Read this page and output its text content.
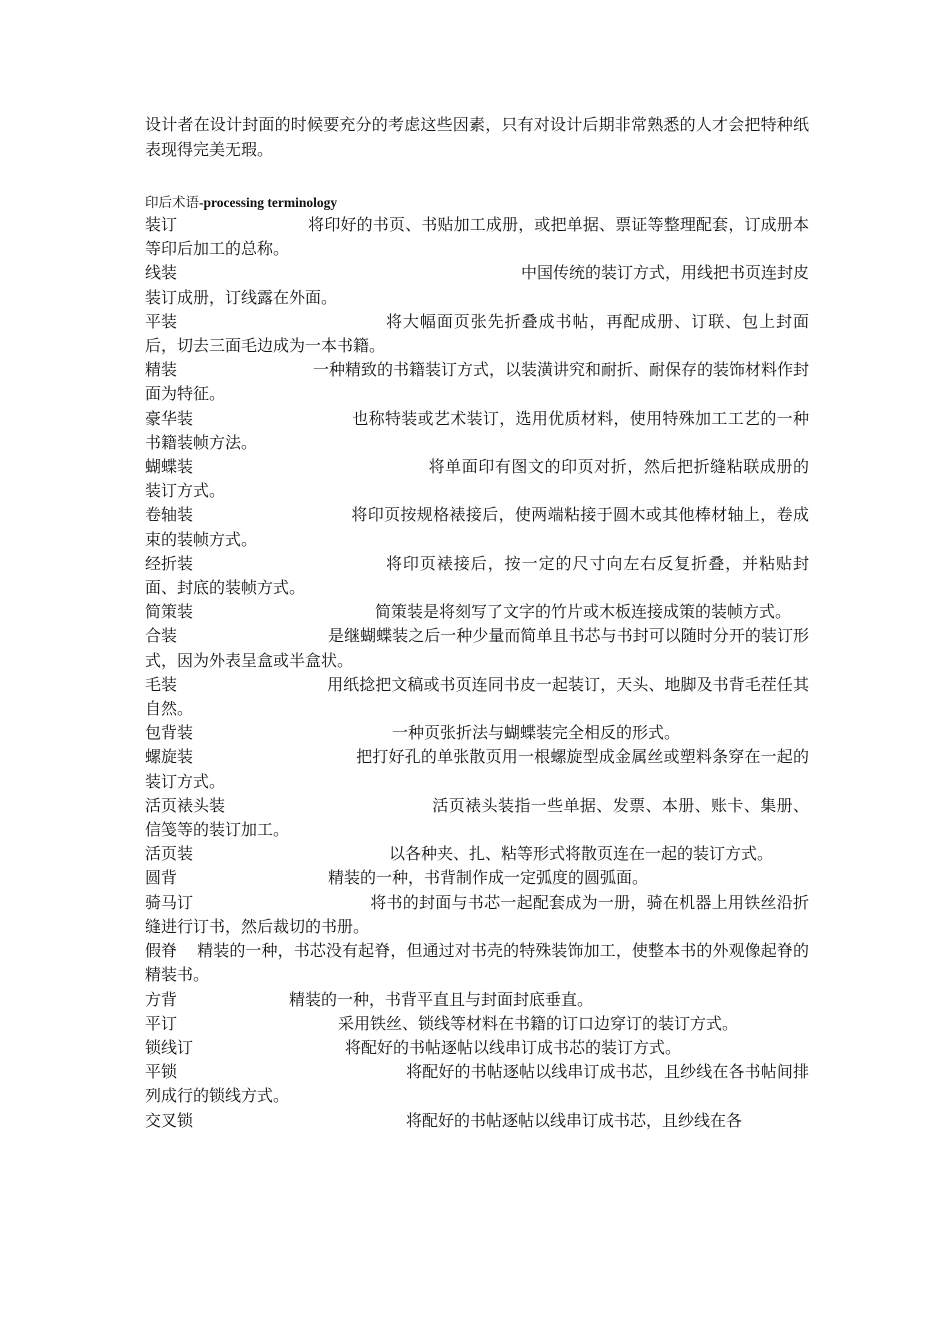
设计者在设计封面的时候要充分的考虑这些因素，只有对设计后期非常熟悉的人才会把特种纸表现得完美无瑕。

印后术语-processing terminology

装订	将印好的书页、书贴加工成册，或把单据、票证等整理配套，订成册本等印后加工的总称。

线装	中国传统的装订方式，用线把书页连封皮装订成册，订线露在外面。

平装	将大幅面页张先折叠成书帖，再配成册、订联、包上封面后，切去三面毛边成为一本书籍。

精装	一种精致的书籍装订方式，以装潢讲究和耐折、耐保存的装饰材料作封面为特征。

豪华装	也称特装或艺术装订，选用优质材料，使用特殊加工工艺的一种书籍装帧方法。

蝴蝶装	将单面印有图文的印页对折，然后把折缝粘联成册的装订方式。

卷轴装	将印页按规格裱接后，使两端粘接于圆木或其他棒材轴上，卷成束的装帧方式。

经折装	将印页裱接后，按一定的尺寸向左右反复折叠，并粘贴封面、封底的装帧方式。

简策装	简策装是将刻写了文字的竹片或木板连接成策的装帧方式。

合装	是继蝴蝶装之后一种少量而简单且书芯与书封可以随时分开的装订形式，因为外表呈盒或半盒状。

毛装	用纸捻把文稿或书页连同书皮一起装订，天头、地脚及书背毛茬任其自然。

包背装	一种页张折法与蝴蝶装完全相反的形式。

螺旋装	把打好孔的单张散页用一根螺旋型成金属丝或塑料条穿在一起的装订方式。

活页裱头装	活页裱头装指一些单据、发票、本册、账卡、集册、信笺等的装订加工。

活页装	以各种夹、扎、粘等形式将散页连在一起的装订方式。

圆背	精装的一种，书背制作成一定弧度的圆弧面。

骑马订	将书的封面与书芯一起配套成为一册，骑在机器上用铁丝沿折缝进行订书，然后裁切的书册。

假脊 精装的一种，书芯没有起脊，但通过对书壳的特殊装饰加工，使整本书的外观像起脊的精装书。

方背	精装的一种，书背平直且与封面封底垂直。

平订	采用铁丝、锁线等材料在书籍的订口边穿订的装订方式。

锁线订	将配好的书帖逐帖以线串订成书芯的装订方式。

平锁	将配好的书帖逐帖以线串订成书芯，且纱线在各书帖间排列成行的锁线方式。

交叉锁	将配好的书帖逐帖以线串订成书芯，且纱线在各
